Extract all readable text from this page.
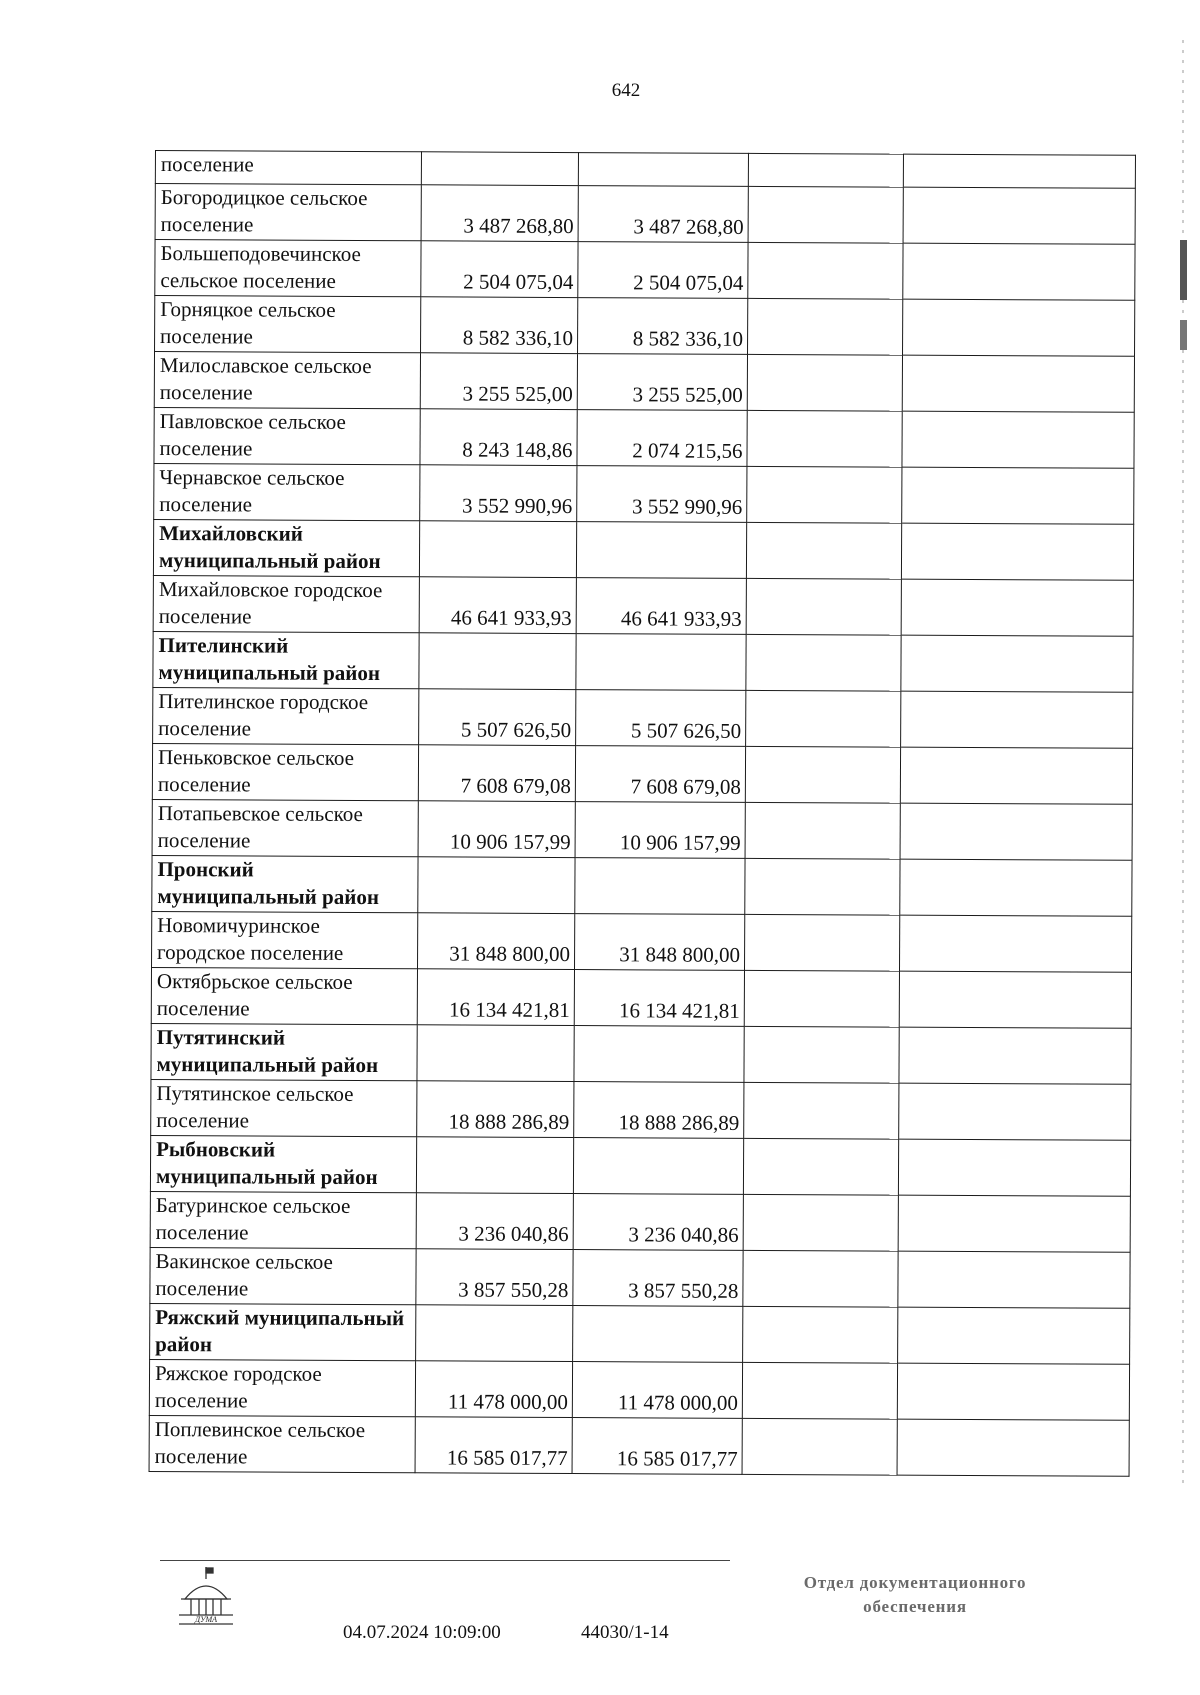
642
поселение				
Богородицкое сельское поселение	3 487 268,80	3 487 268,80		
Большеподовечинское сельское поселение	2 504 075,04	2 504 075,04		
Горняцкое сельское поселение	8 582 336,10	8 582 336,10		
Милославское сельское поселение	3 255 525,00	3 255 525,00		
Павловское сельское поселение	8 243 148,86	2 074 215,56		
Чернавское сельское поселение	3 552 990,96	3 552 990,96		
Михайловский муниципальный район				
Михайловское городское поселение	46 641 933,93	46 641 933,93		
Пителинский муниципальный район				
Пителинское городское поселение	5 507 626,50	5 507 626,50		
Пеньковское сельское поселение	7 608 679,08	7 608 679,08		
Потапьевское сельское поселение	10 906 157,99	10 906 157,99		
Пронский муниципальный район				
Новомичуринское городское поселение	31 848 800,00	31 848 800,00		
Октябрьское сельское поселение	16 134 421,81	16 134 421,81		
Путятинский муниципальный район				
Путятинское сельское поселение	18 888 286,89	18 888 286,89		
Рыбновский муниципальный район				
Батуринское сельское поселение	3 236 040,86	3 236 040,86		
Вакинское сельское поселение	3 857 550,28	3 857 550,28		
Ряжский муниципальный район				
Ряжское городское поселение	11 478 000,00	11 478 000,00		
Поплевинское сельское поселение	16 585 017,77	16 585 017,77		
ДУМА
04.07.2024 10:09:00	44030/1-14
Отдел документационного
обеспечения
